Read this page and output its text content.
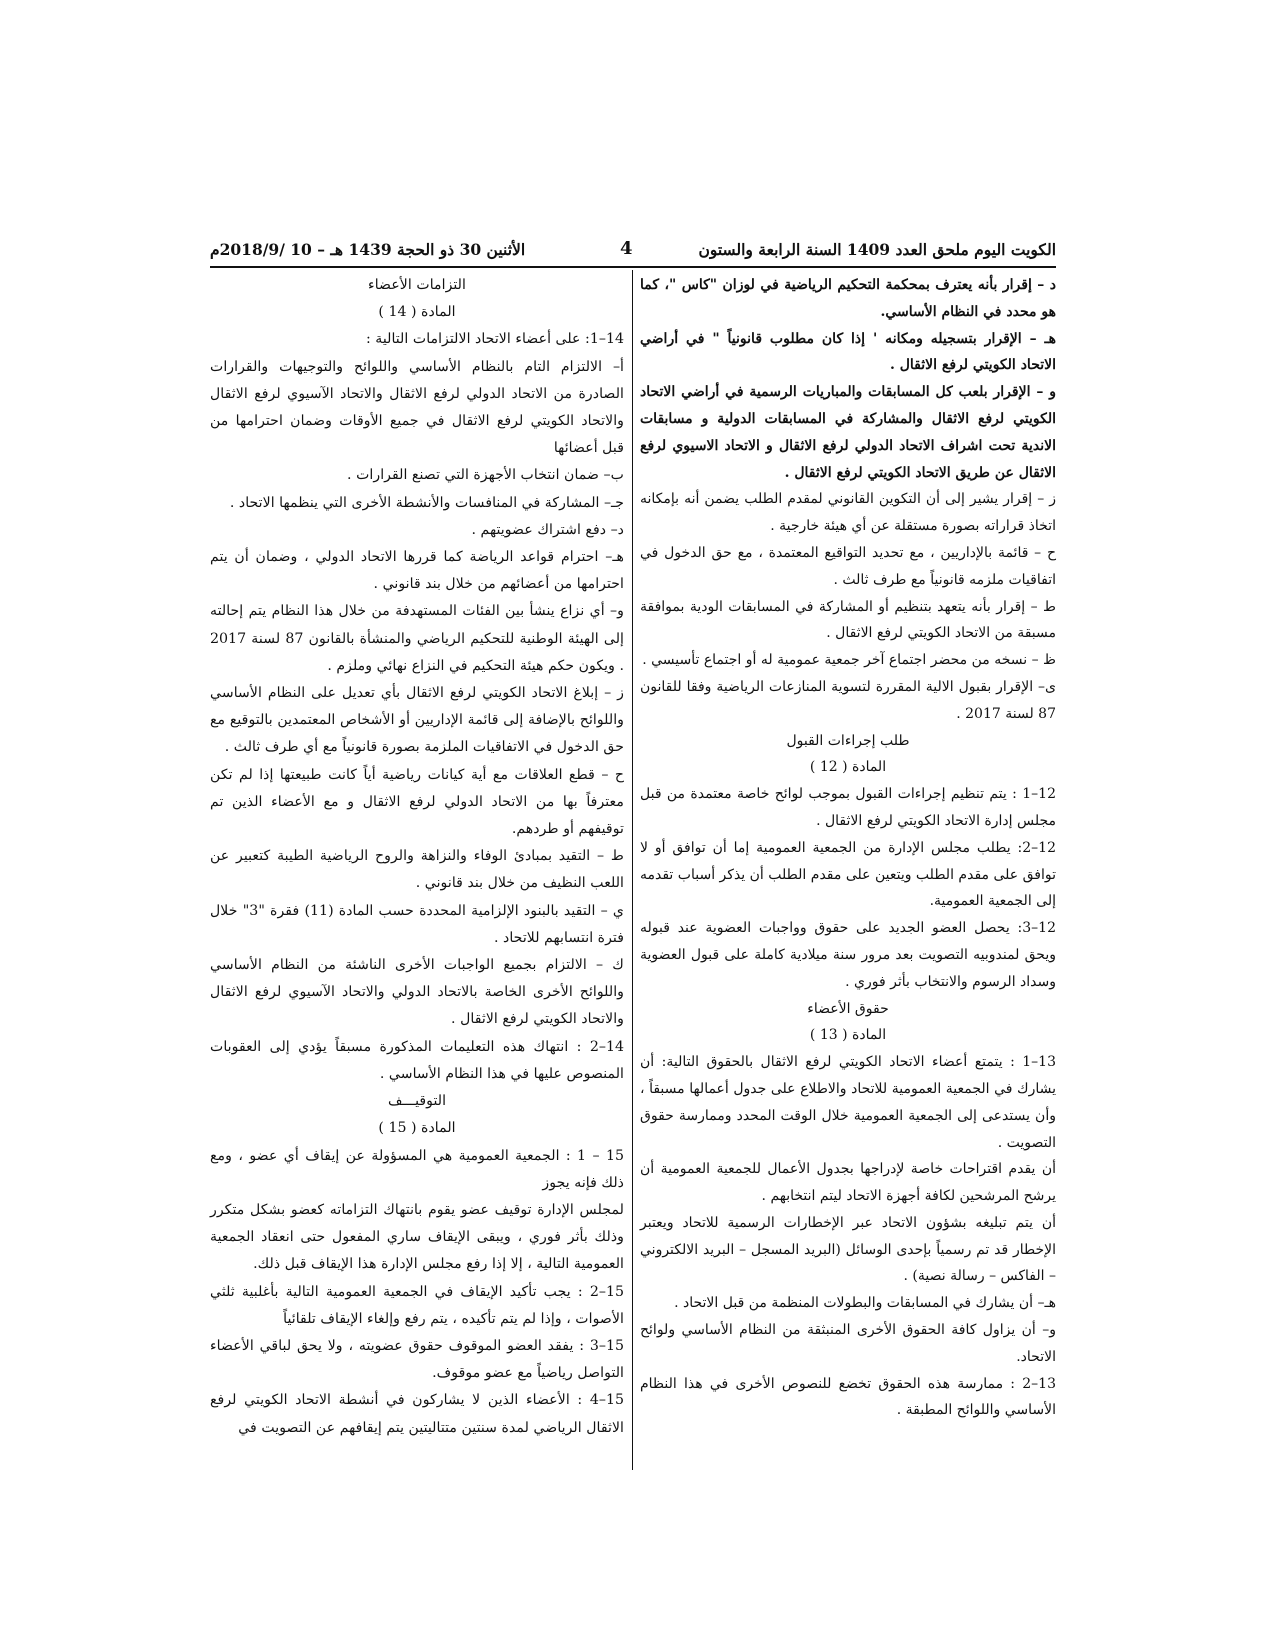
الكويت اليوم ملحق العدد 1409 السنة الرابعة والستون
4
الأثنين 30 ذو الحجة 1439 هـ – 10 /2018/9م

د – إقرار بأنه يعترف بمحكمة التحكيم الرياضية في لوزان "كاس "، كما هو محدد في النظام الأساسي.

هـ – الإقرار بتسجيله ومكانه ' إذا كان مطلوب قانونياً " في أراضي الاتحاد الكويتي لرفع الاثقال .

و – الإقرار بلعب كل المسابقات والمباريات الرسمية في أراضي الاتحاد الكويتي لرفع الاثقال والمشاركة في المسابقات الدولية و مسابقات الاندية تحت اشراف الاتحاد الدولي لرفع الاثقال و الاتحاد الاسيوي لرفع الاثقال عن طريق الاتحاد الكويتي لرفع الاثقال .

ز – إقرار يشير إلى أن التكوين القانوني لمقدم الطلب يضمن أنه بإمكانه اتخاذ قراراته بصورة مستقلة عن أي هيئة خارجية .

ح – قائمة بالإداريين ، مع تحديد التواقيع المعتمدة ، مع حق الدخول في اتفاقيات ملزمه قانونياً مع طرف ثالث .

ط – إقرار بأنه يتعهد بتنظيم أو المشاركة في المسابقات الودية بموافقة مسبقة من الاتحاد الكويتي لرفع الاثقال .

ظ – نسخه من محضر اجتماع آخر جمعية عمومية له أو اجتماع تأسيسي .

ى– الإقرار بقبول الالية المقررة لتسوية المنازعات الرياضية وفقا للقانون 87 لسنة 2017 .

طلب إجراءات القبول

المادة ( 12 )

12–1 : يتم تنظيم إجراءات القبول بموجب لوائح خاصة معتمدة من قبل مجلس إدارة الاتحاد الكويتي لرفع الاثقال .

12–2: يطلب مجلس الإدارة من الجمعية العمومية إما أن توافق أو لا توافق على مقدم الطلب ويتعين على مقدم الطلب أن يذكر أسباب تقدمه إلى الجمعية العمومية.

12–3: يحصل العضو الجديد على حقوق وواجبات العضوية عند قبوله ويحق لمندوبيه التصويت بعد مرور سنة ميلادية كاملة على قبول العضوية وسداد الرسوم والانتخاب بأثر فوري .

حقوق الأعضاء

المادة ( 13 )

13–1 : يتمتع أعضاء الاتحاد الكويتي لرفع الاثقال بالحقوق التالية: أن يشارك في الجمعية العمومية للاتحاد والاطلاع على جدول أعمالها مسبقاً ، وأن يستدعى إلى الجمعية العمومية خلال الوقت المحدد وممارسة حقوق التصويت .

أن يقدم اقتراحات خاصة لإدراجها بجدول الأعمال للجمعية العمومية أن يرشح المرشحين لكافة أجهزة الاتحاد ليتم انتخابهم .

أن يتم تبليغه بشؤون الاتحاد عبر الإخطارات الرسمية للاتحاد ويعتبر الإخطار قد تم رسمياً بإحدى الوسائل (البريد المسجل – البريد الالكتروني – الفاكس – رسالة نصية) .

هـ– أن يشارك في المسابقات والبطولات المنظمة من قبل الاتحاد .

و– أن يزاول كافة الحقوق الأخرى المنبثقة من النظام الأساسي ولوائح الاتحاد.

13–2 : ممارسة هذه الحقوق تخضع للنصوص الأخرى في هذا النظام الأساسي واللوائح المطبقة .

التزامات الأعضاء

المادة ( 14 )

14–1: على أعضاء الاتحاد الالتزامات التالية :

أ– الالتزام التام بالنظام الأساسي واللوائح والتوجيهات والقرارات الصادرة من الاتحاد الدولي لرفع الاثقال والاتحاد الآسيوي لرفع الاثقال والاتحاد الكويتي لرفع الاثقال في جميع الأوقات وضمان احترامها من قبل أعضائها

ب– ضمان انتخاب الأجهزة التي تصنع القرارات .

جـ– المشاركة في المنافسات والأنشطة الأخرى التي ينظمها الاتحاد .

د– دفع اشتراك عضويتهم .

هـ– احترام قواعد الرياضة كما قررها الاتحاد الدولي ، وضمان أن يتم احترامها من أعضائهم من خلال بند قانوني .

و– أي نزاع ينشأ بين الفئات المستهدفة من خلال هذا النظام يتم إحالته إلى الهيئة الوطنية للتحكيم الرياضي والمنشأة بالقانون 87 لسنة 2017 . ويكون حكم هيئة التحكيم في النزاع نهائي وملزم .

ز – إبلاغ الاتحاد الكويتي لرفع الاثقال بأي تعديل على النظام الأساسي واللوائح بالإضافة إلى قائمة الإداريين أو الأشخاص المعتمدين بالتوقيع مع حق الدخول في الاتفاقيات الملزمة بصورة قانونياً مع أي طرف ثالث .

ح – قطع العلاقات مع أية كيانات رياضية أياً كانت طبيعتها إذا لم تكن معترفاً بها من الاتحاد الدولي لرفع الاثقال و مع الأعضاء الذين تم توقيفهم أو طردهم.

ط – التقيد بمبادئ الوفاء والنزاهة والروح الرياضية الطيبة كتعبير عن اللعب النظيف من خلال بند قانوني .

ي – التقيد بالبنود الإلزامية المحددة حسب المادة (11) فقرة "3" خلال فترة انتسابهم للاتحاد .

ك – الالتزام بجميع الواجبات الأخرى الناشئة من النظام الأساسي واللوائح الأخرى الخاصة بالاتحاد الدولي والاتحاد الآسيوي لرفع الاثقال والاتحاد الكويتي لرفع الاثقال .

14–2 : انتهاك هذه التعليمات المذكورة مسبقاً يؤدي إلى العقوبات المنصوص عليها في هذا النظام الأساسي .

التوقيـــف

المادة ( 15 )

15 – 1 : الجمعية العمومية هي المسؤولة عن إيقاف أي عضو ، ومع ذلك فإنه يجوز

لمجلس الإدارة توقيف عضو يقوم بانتهاك التزاماته كعضو بشكل متكرر وذلك بأثر فوري ، ويبقى الإيقاف ساري المفعول حتى انعقاد الجمعية العمومية التالية ، إلا إذا رفع مجلس الإدارة هذا الإيقاف قبل ذلك.

15–2 : يجب تأكيد الإيقاف في الجمعية العمومية التالية بأغلبية ثلثي الأصوات ، وإذا لم يتم تأكيده ، يتم رفع وإلغاء الإيقاف تلقائياً

15–3 : يفقد العضو الموقوف حقوق عضويته ، ولا يحق لباقي الأعضاء التواصل رياضياً مع عضو موقوف.

15–4 : الأعضاء الذين لا يشاركون في أنشطة الاتحاد الكويتي لرفع الاثقال الرياضي لمدة سنتين متتاليتين يتم إيقافهم عن التصويت في
